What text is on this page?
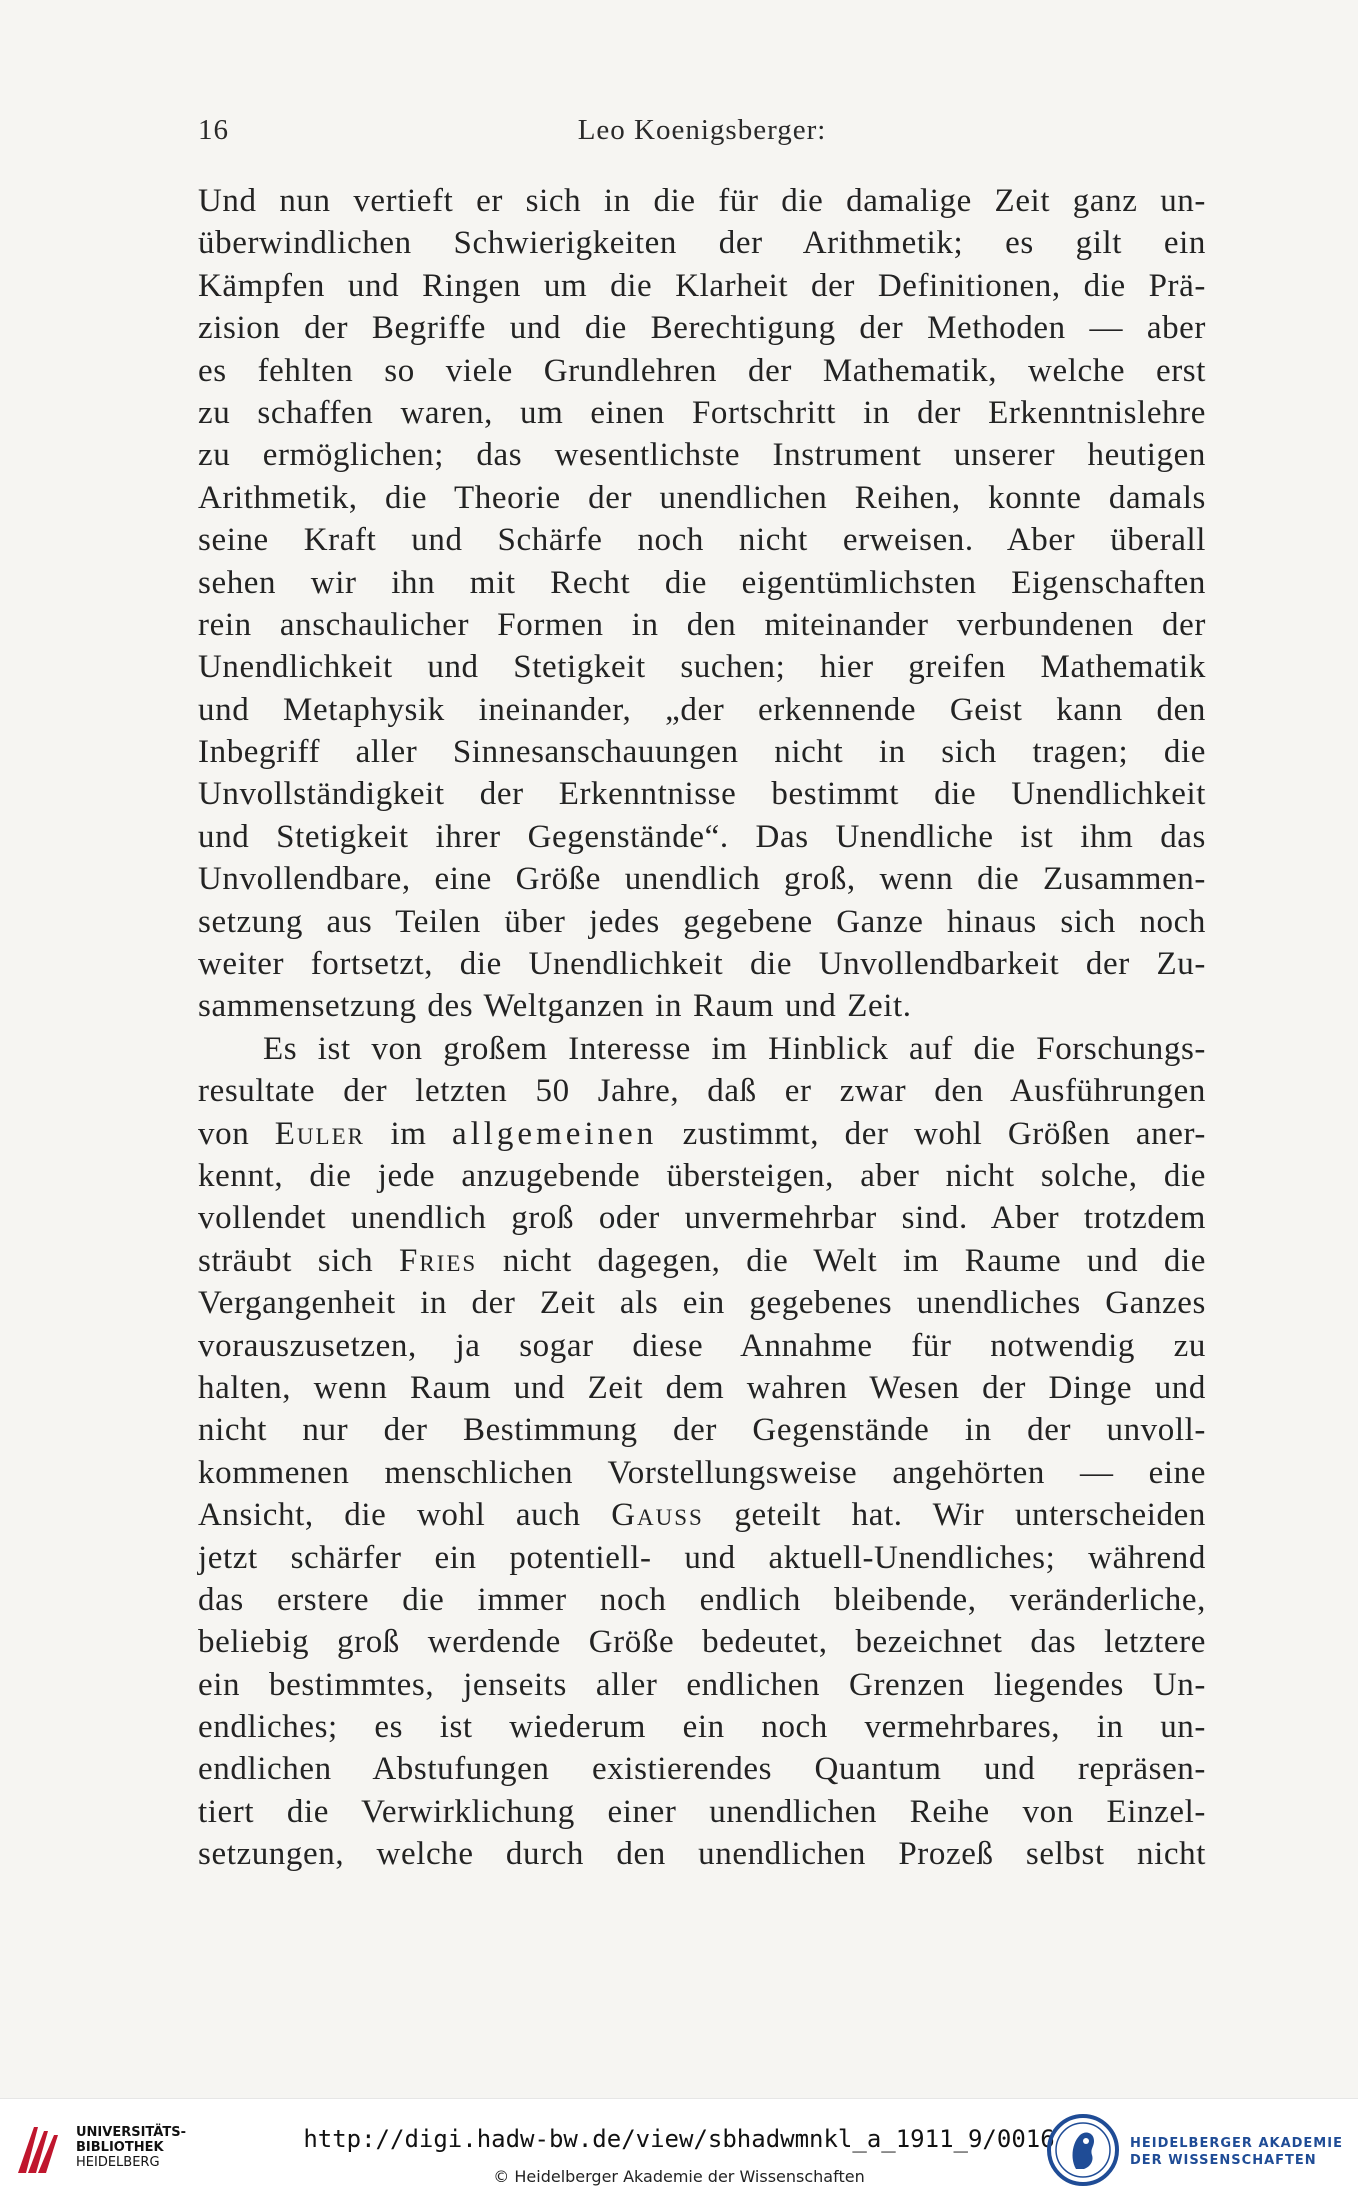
16	Leo Koenigsberger:
Und nun vertieft er sich in die für die damalige Zeit ganz un-
überwindlichen Schwierigkeiten der Arithmetik; es gilt ein
Kämpfen und Ringen um die Klarheit der Definitionen, die Prä-
zision der Begriffe und die Berechtigung der Methoden — aber
es fehlten so viele Grundlehren der Mathematik, welche erst
zu schaffen waren, um einen Fortschritt in der Erkenntnislehre
zu ermöglichen; das wesentlichste Instrument unserer heutigen
Arithmetik, die Theorie der unendlichen Reihen, konnte damals
seine Kraft und Schärfe noch nicht erweisen. Aber überall
sehen wir ihn mit Recht die eigentümlichsten Eigenschaften
rein anschaulicher Formen in den miteinander verbundenen der
Unendlichkeit und Stetigkeit suchen; hier greifen Mathematik
und Metaphysik ineinander, „der erkennende Geist kann den
Inbegriff aller Sinnesanschauungen nicht in sich tragen; die
Unvollständigkeit der Erkenntnisse bestimmt die Unendlichkeit
und Stetigkeit ihrer Gegenstände“. Das Unendliche ist ihm das
Unvollendbare, eine Größe unendlich groß, wenn die Zusammen-
setzung aus Teilen über jedes gegebene Ganze hinaus sich noch
weiter fortsetzt, die Unendlichkeit die Unvollendbarkeit der Zu-
sammensetzung des Weltganzen in Raum und Zeit.
Es ist von großem Interesse im Hinblick auf die Forschungs-
resultate der letzten 50 Jahre, daß er zwar den Ausführungen
von Euler im allgemeinen zustimmt, der wohl Größen aner-
kennt, die jede anzugebende übersteigen, aber nicht solche, die
vollendet unendlich groß oder unvermehrbar sind. Aber trotzdem
sträubt sich Fries nicht dagegen, die Welt im Raume und die
Vergangenheit in der Zeit als ein gegebenes unendliches Ganzes
vorauszusetzen, ja sogar diese Annahme für notwendig zu
halten, wenn Raum und Zeit dem wahren Wesen der Dinge und
nicht nur der Bestimmung der Gegenstände in der unvoll-
kommenen menschlichen Vorstellungsweise angehörten — eine
Ansicht, die wohl auch Gauss geteilt hat. Wir unterscheiden
jetzt schärfer ein potentiell- und aktuell-Unendliches; während
das erstere die immer noch endlich bleibende, veränderliche,
beliebig groß werdende Größe bedeutet, bezeichnet das letztere
ein bestimmtes, jenseits aller endlichen Grenzen liegendes Un-
endliches; es ist wiederum ein noch vermehrbares, in un-
endlichen Abstufungen existierendes Quantum und repräsen-
tiert die Verwirklichung einer unendlichen Reihe von Einzel-
setzungen, welche durch den unendlichen Prozeß selbst nicht
UNIVERSITÄTS-
BIBLIOTHEK
HEIDELBERG
http://digi.hadw-bw.de/view/sbhadwmnkl_a_1911_9/0016
© Heidelberger Akademie der Wissenschaften
HEIDELBERGER AKADEMIE
DER WISSENSCHAFTEN
